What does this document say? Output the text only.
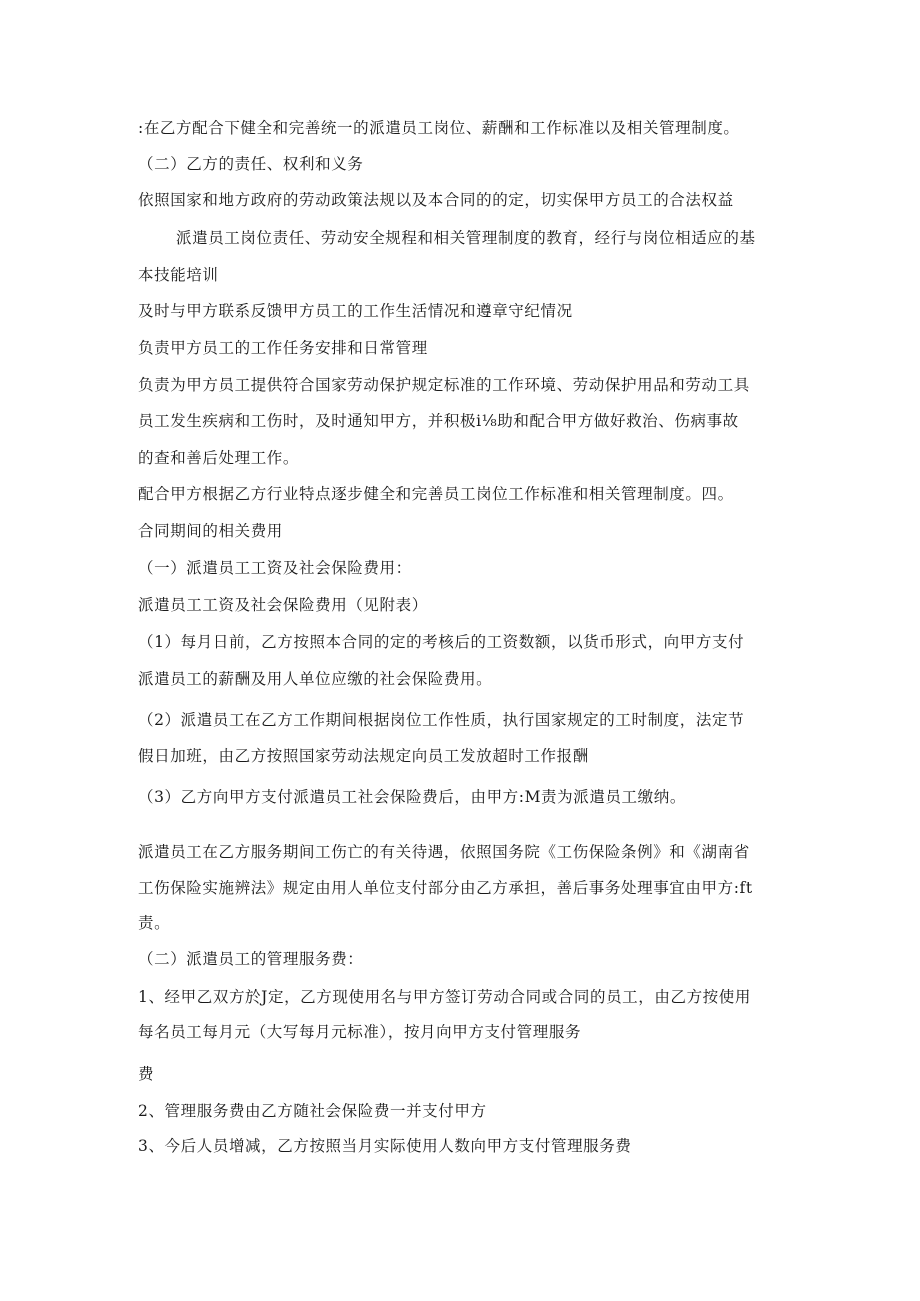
:在乙方配合下健全和完善统一的派遣员工岗位、薪酬和工作标准以及相关管理制度。
（二）乙方的责任、权利和义务
依照国家和地方政府的劳动政策法规以及本合同的的定，切实保甲方员工的合法权益
派遣员工岗位责任、劳动安全规程和相关管理制度的教育，经行与岗位相适应的基
本技能培训
及时与甲方联系反馈甲方员工的工作生活情况和遵章守纪情况
负责甲方员工的工作任务安排和日常管理
负责为甲方员工提供符合国家劳动保护规定标准的工作环境、劳动保护用品和劳动工具
员工发生疾病和工伤时，及时通知甲方，并积极i⅛助和配合甲方做好救治、伤病事故
的查和善后处理工作。
配合甲方根据乙方行业特点逐步健全和完善员工岗位工作标准和相关管理制度。四。
合同期间的相关费用
（一）派遣员工工资及社会保险费用：
派遣员工工资及社会保险费用（见附表）
（1）每月日前，乙方按照本合同的定的考核后的工资数额，以货币形式，向甲方支付
派遣员工的薪酬及用人单位应缴的社会保险费用。
（2）派遣员工在乙方工作期间根据岗位工作性质，执行国家规定的工时制度，法定节
假日加班，由乙方按照国家劳动法规定向员工发放超时工作报酬
（3）乙方向甲方支付派遣员工社会保险费后，由甲方:M责为派遣员工缴纳。
派遣员工在乙方服务期间工伤亡的有关待遇，依照国务院《工伤保险条例》和《湖南省
工伤保险实施辨法》规定由用人单位支付部分由乙方承担，善后事务处理事宜由甲方:ft
责。
（二）派遣员工的管理服务费：
1、经甲乙双方於J定，乙方现使用名与甲方签订劳动合同或合同的员工，由乙方按使用
每名员工每月元（大写每月元标准），按月向甲方支付管理服务
费
2、管理服务费由乙方随社会保险费一并支付甲方
3、今后人员增减，乙方按照当月实际使用人数向甲方支付管理服务费
